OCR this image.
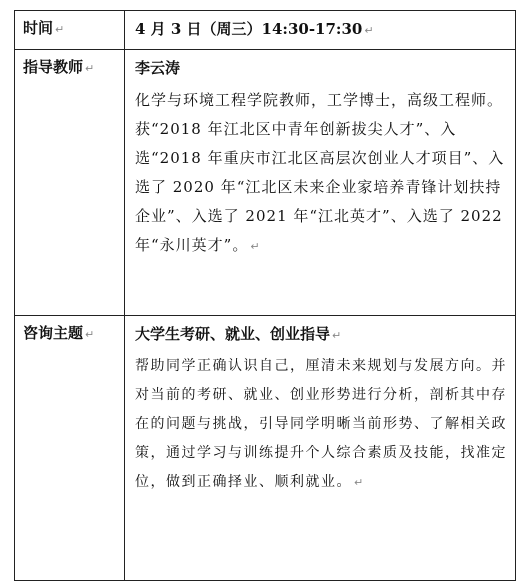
时间 ↵	4 月 3 日（周三）14:30-17:30 ↵

指导教师 ↵	李云涛

化学与环境工程学院教师，工学博士，高级工程师。获“2018 年江北区中青年创新拔尖人才”、入选“2018 年重庆市江北区高层次创业人才项目”、入选了 2020 年“江北区未来企业家培养青锋计划扶持企业”、入选了 2021 年“江北英才”、入选了 2022 年“永川英才”。 ↵

咨询主题 ↵	大学生考研、就业、创业指导 ↵

帮助同学正确认识自己，厘清未来规划与发展方向。并对当前的考研、就业、创业形势进行分析，剖析其中存在的问题与挑战，引导同学明晰当前形势、了解相关政策，通过学习与训练提升个人综合素质及技能，找准定位，做到正确择业、顺利就业。 ↵
